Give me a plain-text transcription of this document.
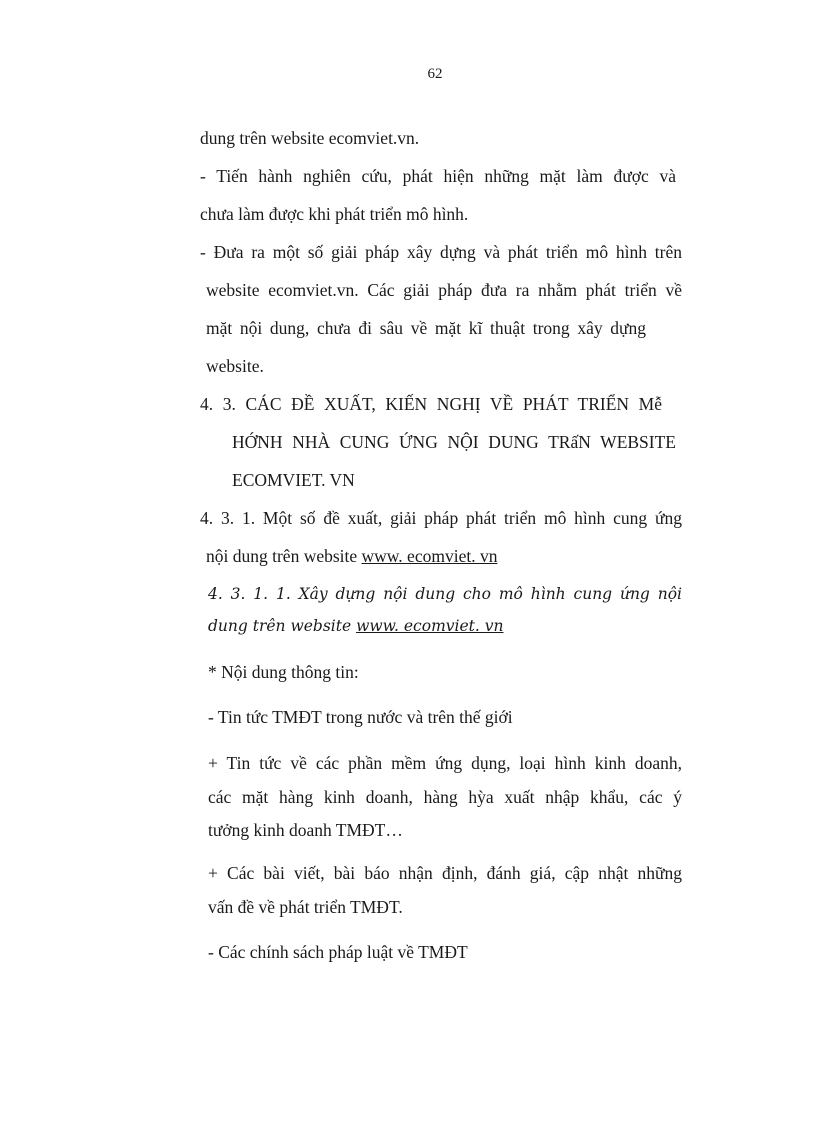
62
dung trên website ecomviet.vn.
- Tiến hành nghiên cứu, phát hiện những mặt làm được và
chưa làm được khi phát triển mô hình.
- Đưa ra một số giải pháp xây dựng và phát triển mô hình trên
website ecomviet.vn. Các giải pháp đưa ra nhằm phát triển về
mặt nội dung, chưa đi sâu về mặt kĩ thuật trong xây dựng
website.
4. 3. CÁC ĐỀ XUẤT, KIẾN NGHỊ VỀ PHÁT TRIỂN Mễ
HỚNH NHÀ CUNG ỨNG NỘI DUNG TRấN WEBSITE
ECOMVIET. VN
4. 3. 1. Một số đề xuất, giải pháp phát triển mô hình cung ứng
nội dung trên website www. ecomviet. vn
4. 3. 1. 1. Xây dựng nội dung cho mô hình cung ứng nội
dung trên website www. ecomviet. vn
* Nội dung thông tin:
- Tin tức TMĐT trong nước và trên thế giới
+ Tin tức về các phần mềm ứng dụng, loại hình kinh doanh,
các mặt hàng kinh doanh, hàng hỳa xuất nhập khẩu, các ý
tưởng kinh doanh TMĐT…
+ Các bài viết, bài báo nhận định, đánh giá, cập nhật những
vấn đề về phát triển TMĐT.
- Các chính sách pháp luật về TMĐT
